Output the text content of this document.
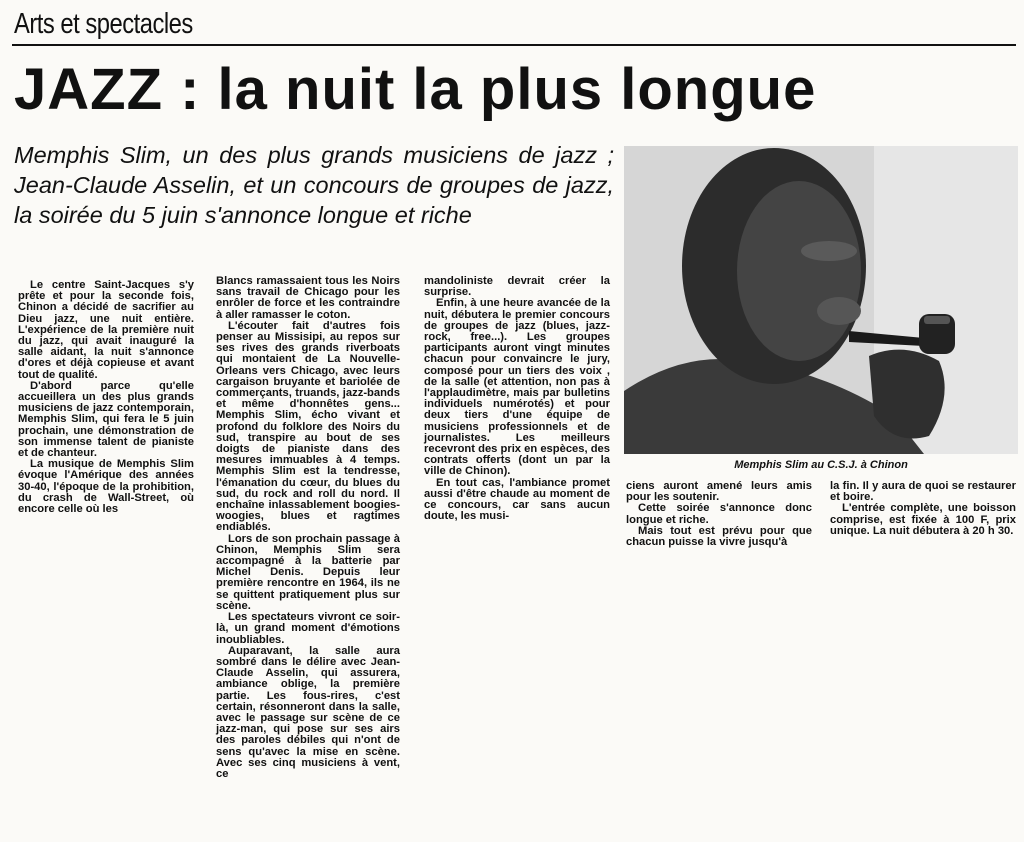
Arts et spectacles
JAZZ : la nuit la plus longue
Memphis Slim, un des plus grands musiciens de jazz ; Jean-Claude Asselin, et un concours de groupes de jazz, la soirée du 5 juin s'annonce longue et riche
Memphis Slim au C.S.J. à Chinon

Le centre Saint-Jacques s'y prête et pour la seconde fois, Chinon a décidé de sacrifier au Dieu jazz, une nuit entière. L'expérience de la première nuit du jazz, qui avait inauguré la salle aidant, la nuit s'annonce d'ores et déjà copieuse et avant tout de qualité.

D'abord parce qu'elle accueillera un des plus grands musiciens de jazz contemporain, Memphis Slim, qui fera le 5 juin prochain, une démonstration de son immense talent de pianiste et de chanteur.

La musique de Memphis Slim évoque l'Amérique des années 30-40, l'époque de la prohibition, du crash de Wall-Street, où encore celle où les

Blancs ramassaient tous les Noirs sans travail de Chicago pour les enrôler de force et les contraindre à aller ramasser le coton.

L'écouter fait d'autres fois penser au Missisipi, au repos sur ses rives des grands riverboats qui montaient de La Nouvelle-Orleans vers Chicago, avec leurs cargaison bruyante et bariolée de commerçants, truands, jazz-bands et même d'honnêtes gens... Memphis Slim, écho vivant et profond du folklore des Noirs du sud, transpire au bout de ses doigts de pianiste dans des mesures immuables à 4 temps. Memphis Slim est la tendresse, l'émanation du cœur, du blues du sud, du rock and roll du nord. Il enchaîne inlassablement boogies-woogies, blues et ragtimes endiablés.

Lors de son prochain passage à Chinon, Memphis Slim sera accompagné à la batterie par Michel Denis. Depuis leur première rencontre en 1964, ils ne se quittent pratiquement plus sur scène.

Les spectateurs vivront ce soir-là, un grand moment d'émotions inoubliables.

Auparavant, la salle aura sombré dans le délire avec Jean-Claude Asselin, qui assurera, ambiance oblige, la première partie. Les fous-rires, c'est certain, résonneront dans la salle, avec le passage sur scène de ce jazz-man, qui pose sur ses airs des paroles débiles qui n'ont de sens qu'avec la mise en scène. Avec ses cinq musiciens à vent, ce

mandoliniste devrait créer la surprise.

Enfin, à une heure avancée de la nuit, débutera le premier concours de groupes de jazz (blues, jazz-rock, free...). Les groupes participants auront vingt minutes chacun pour convaincre le jury, composé pour un tiers des voix , de la salle (et attention, non pas à l'applaudimètre, mais par bulletins individuels numérotés) et pour deux tiers d'une équipe de musiciens professionnels et de journalistes. Les meilleurs recevront des prix en espèces, des contrats offerts (dont un par la ville de Chinon).

En tout cas, l'ambiance promet aussi d'être chaude au moment de ce concours, car sans aucun doute, les musi-

ciens auront amené leurs amis pour les soutenir.

Cette soirée s'annonce donc longue et riche.

Mais tout est prévu pour que chacun puisse la vivre jusqu'à

la fin. Il y aura de quoi se restaurer et boire.

L'entrée complète, une boisson comprise, est fixée à 100 F, prix unique. La nuit débutera à 20 h 30.
